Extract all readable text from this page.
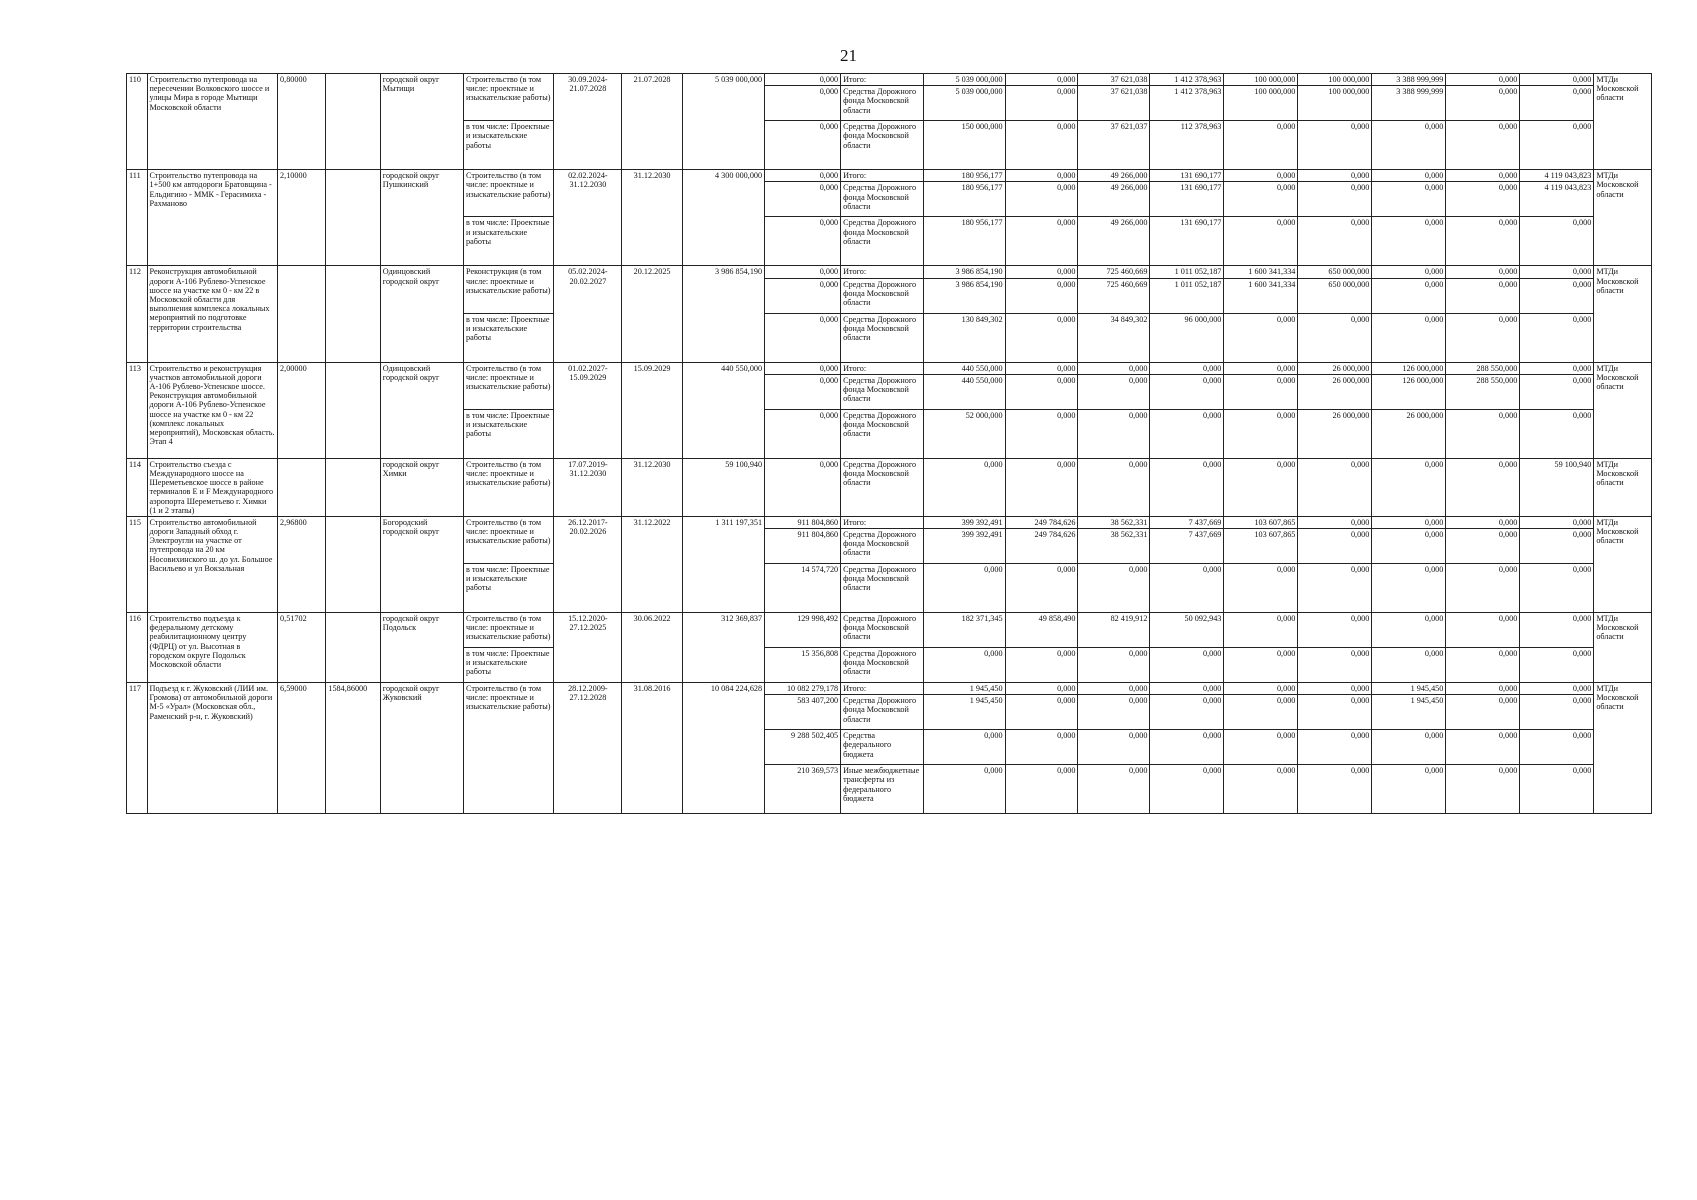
21
110	Строительство путепровода на пересечении Волковского шоссе и улицы Мира в городе Мытищи Московской области	0,80000		городской округ Мытищи	Строительство (в том числе: проектные и изыскательские работы)	30.09.2024-21.07.2028	21.07.2028	5 039 000,000	0,000	Итого:	5 039 000,000	0,000	37 621,038	1 412 378,963	100 000,000	100 000,000	3 388 999,999	0,000	0,000	МТДи Московской области
									0,000	Средства Дорожного фонда Московской области	5 039 000,000	0,000	37 621,038	1 412 378,963	100 000,000	100 000,000	3 388 999,999	0,000	0,000	
					в том числе: Проектные и изыскательские работы				0,000	Средства Дорожного фонда Московской области	150 000,000	0,000	37 621,037	112 378,963	0,000	0,000	0,000	0,000	0,000	
111	Строительство путепровода на 1+500 км автодороги Братовщина - Ельдигино - ММК - Герасимиха - Рахманово	2,10000		городской округ Пушкинский	Строительство (в том числе: проектные и изыскательские работы)	02.02.2024-31.12.2030	31.12.2030	4 300 000,000	0,000	Итого:	180 956,177	0,000	49 266,000	131 690,177	0,000	0,000	0,000	0,000	4 119 043,823	МТДи Московской области
									0,000	Средства Дорожного фонда Московской области	180 956,177	0,000	49 266,000	131 690,177	0,000	0,000	0,000	0,000	4 119 043,823	
					в том числе: Проектные и изыскательские работы				0,000	Средства Дорожного фонда Московской области	180 956,177	0,000	49 266,000	131 690,177	0,000	0,000	0,000	0,000	0,000	
112	Реконструкция автомобильной дороги А-106 Рублево-Успенское шоссе на участке км 0 - км 22 в Московской области для выполнения комплекса локальных мероприятий по подготовке территории строительства			Одинцовский городской округ	Реконструкция (в том числе: проектные и изыскательские работы)	05.02.2024-20.02.2027	20.12.2025	3 986 854,190	0,000	Итого:	3 986 854,190	0,000	725 460,669	1 011 052,187	1 600 341,334	650 000,000	0,000	0,000	0,000	МТДи Московской области
									0,000	Средства Дорожного фонда Московской области	3 986 854,190	0,000	725 460,669	1 011 052,187	1 600 341,334	650 000,000	0,000	0,000	0,000	
					в том числе: Проектные и изыскательские работы				0,000	Средства Дорожного фонда Московской области	130 849,302	0,000	34 849,302	96 000,000	0,000	0,000	0,000	0,000	0,000	
113	Строительство и реконструкция участков автомобильной дороги А-106 Рублево-Успенское шоссе. Реконструкция автомобильной дороги А-106 Рублево-Успенское шоссе на участке км 0 - км 22 (комплекс локальных мероприятий), Московская область. Этап 4	2,00000		Одинцовский городской округ	Строительство (в том числе: проектные и изыскательские работы)	01.02.2027-15.09.2029	15.09.2029	440 550,000	0,000	Итого:	440 550,000	0,000	0,000	0,000	0,000	26 000,000	126 000,000	288 550,000	0,000	МТДи Московской области
									0,000	Средства Дорожного фонда Московской области	440 550,000	0,000	0,000	0,000	0,000	26 000,000	126 000,000	288 550,000	0,000	
					в том числе: Проектные и изыскательские работы				0,000	Средства Дорожного фонда Московской области	52 000,000	0,000	0,000	0,000	0,000	26 000,000	26 000,000	0,000	0,000	
114	Строительство съезда с Международного шоссе на Шереметьевское шоссе в районе терминалов E и F Международного аэропорта Шереметьево г. Химки (1 и 2 этапы)			городской округ Химки	Строительство (в том числе: проектные и изыскательские работы)	17.07.2019-31.12.2030	31.12.2030	59 100,940	0,000	Средства Дорожного фонда Московской области	0,000	0,000	0,000	0,000	0,000	0,000	0,000	0,000	59 100,940	МТДи Московской области
115	Строительство автомобильной дороги Западный обход г. Электроугли на участке от путепровода на 20 км Носовихинского ш. до ул. Большое Васильево и ул Вокзальная	2,96800		Богородский городской округ	Строительство (в том числе: проектные и изыскательские работы)	26.12.2017-20.02.2026	31.12.2022	1 311 197,351	911 804,860	Итого:	399 392,491	249 784,626	38 562,331	7 437,669	103 607,865	0,000	0,000	0,000	0,000	МТДи Московской области
									911 804,860	Средства Дорожного фонда Московской области	399 392,491	249 784,626	38 562,331	7 437,669	103 607,865	0,000	0,000	0,000	0,000	
					в том числе: Проектные и изыскательские работы				14 574,720	Средства Дорожного фонда Московской области	0,000	0,000	0,000	0,000	0,000	0,000	0,000	0,000	0,000	
116	Строительство подъезда к федеральному детскому реабилитационному центру (ФДРЦ) от ул. Высотная в городском округе Подольск Московской области	0,51702		городской округ Подольск	Строительство (в том числе: проектные и изыскательские работы)	15.12.2020-27.12.2025	30.06.2022	312 369,837	129 998,492	Средства Дорожного фонда Московской области	182 371,345	49 858,490	82 419,912	50 092,943	0,000	0,000	0,000	0,000	0,000	МТДи Московской области
					в том числе: Проектные и изыскательские работы				15 356,808	Средства Дорожного фонда Московской области	0,000	0,000	0,000	0,000	0,000	0,000	0,000	0,000	0,000	
117	Подъезд к г. Жуковский (ЛИИ им. Громова) от автомобильной дороги М-5 «Урал» (Московская обл., Раменский р-н, г. Жуковский)	6,59000	1584,86000	городской округ Жуковский	Строительство (в том числе: проектные и изыскательские работы)	28.12.2009-27.12.2028	31.08.2016	10 084 224,628	10 082 279,178	Итого:	1 945,450	0,000	0,000	0,000	0,000	0,000	1 945,450	0,000	0,000	МТДи Московской области
									583 407,200	Средства Дорожного фонда Московской области	1 945,450	0,000	0,000	0,000	0,000	0,000	1 945,450	0,000	0,000	
									9 288 502,405	Средства федерального бюджета	0,000	0,000	0,000	0,000	0,000	0,000	0,000	0,000	0,000	
									210 369,573	Иные межбюджетные трансферты из федерального бюджета	0,000	0,000	0,000	0,000	0,000	0,000	0,000	0,000	0,000	
